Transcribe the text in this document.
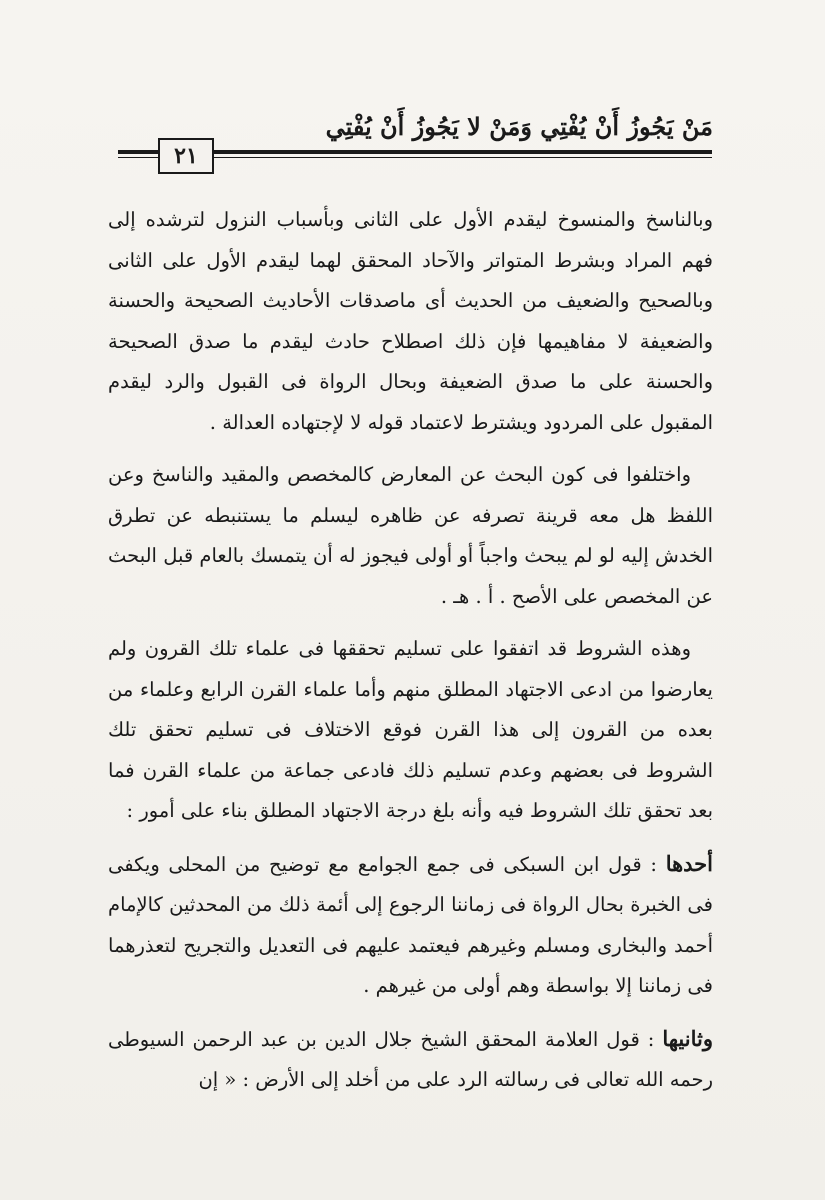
مَنْ يَجُوزُ أَنْ يُفْتِي وَمَنْ لا يَجُوزُ أَنْ يُفْتِي
٢١

وبالناسخ والمنسوخ ليقدم الأول على الثانى وبأسباب النزول لترشده إلى فهم المراد وبشرط المتواتر والآحاد المحقق لهما ليقدم الأول على الثانى وبالصحيح والضعيف من الحديث أى ماصدقات الأحاديث الصحيحة والحسنة والضعيفة لا مفاهيمها فإن ذلك اصطلاح حادث ليقدم ما صدق الصحيحة والحسنة على ما صدق الضعيفة وبحال الرواة فى القبول والرد ليقدم المقبول على المردود ويشترط لاعتماد قوله لا لإجتهاده العدالة .

واختلفوا فى كون البحث عن المعارض كالمخصص والمقيد والناسخ وعن اللفظ هل معه قرينة تصرفه عن ظاهره ليسلم ما يستنبطه عن تطرق الخدش إليه لو لم يبحث واجباً أو أولى فيجوز له أن يتمسك بالعام قبل البحث عن المخصص على الأصح . أ . هـ .

وهذه الشروط قد اتفقوا على تسليم تحققها فى علماء تلك القرون ولم يعارضوا من ادعى الاجتهاد المطلق منهم وأما علماء القرن الرابع وعلماء من بعده من القرون إلى هذا القرن فوقع الاختلاف فى تسليم تحقق تلك الشروط فى بعضهم وعدم تسليم ذلك فادعى جماعة من علماء القرن فما بعد تحقق تلك الشروط فيه وأنه بلغ درجة الاجتهاد المطلق بناء على أمور :

أحدها : قول ابن السبكى فى جمع الجوامع مع توضيح من المحلى ويكفى فى الخبرة بحال الرواة فى زماننا الرجوع إلى أئمة ذلك من المحدثين كالإمام أحمد والبخارى ومسلم وغيرهم فيعتمد عليهم فى التعديل والتجريح لتعذرهما فى زماننا إلا بواسطة وهم أولى من غيرهم .

وثانيها : قول العلامة المحقق الشيخ جلال الدين بن عبد الرحمن السيوطى رحمه الله تعالى فى رسالته الرد على من أخلد إلى الأرض : « إن
